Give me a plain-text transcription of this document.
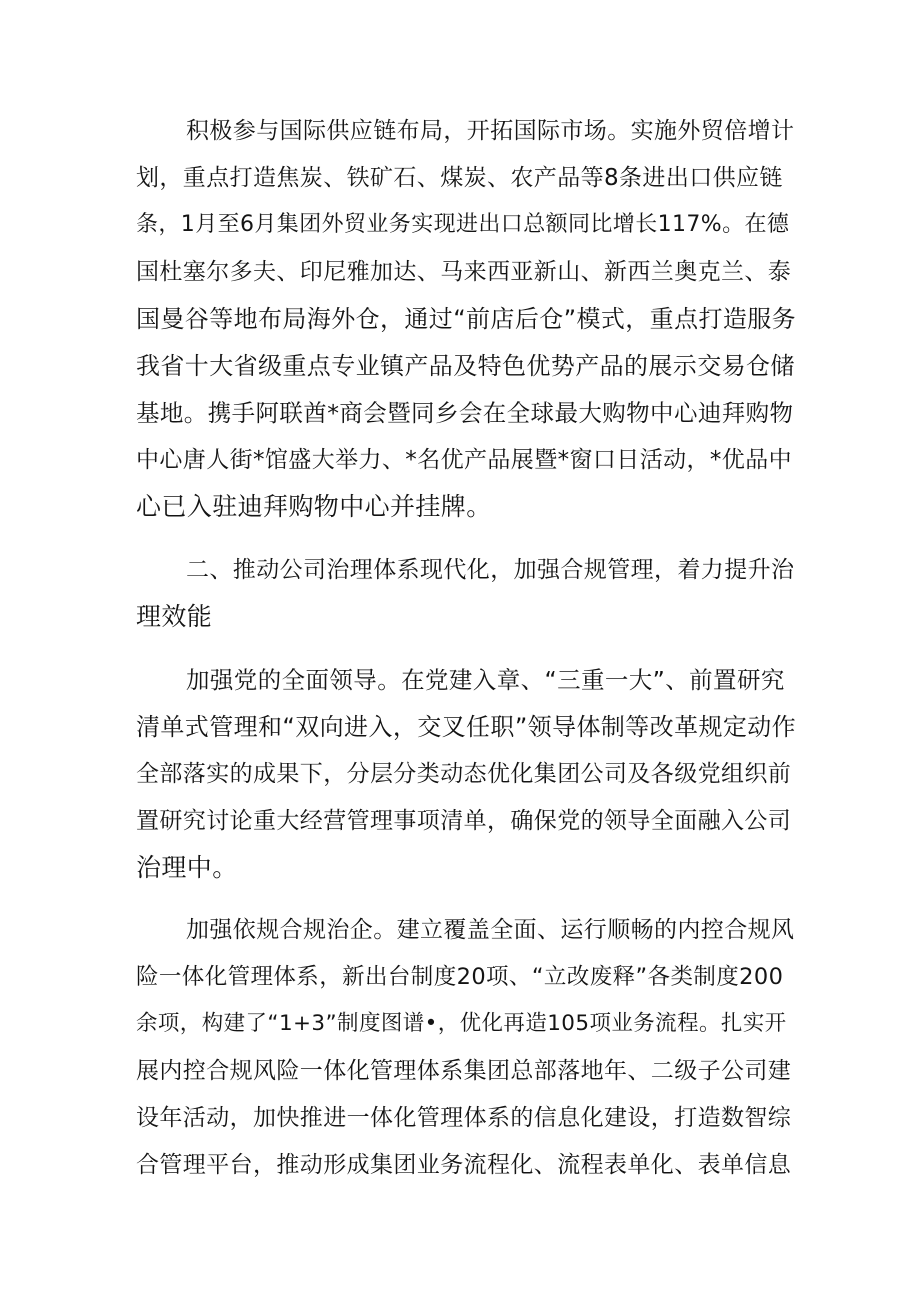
积极参与国际供应链布局，开拓国际市场。实施外贸倍增计
划，重点打造焦炭、铁矿石、煤炭、农产品等8条进出口供应链
条，1月至6月集团外贸业务实现进出口总额同比增长117%。在德
国杜塞尔多夫、印尼雅加达、马来西亚新山、新西兰奥克兰、泰
国曼谷等地布局海外仓，通过“前店后仓”模式，重点打造服务
我省十大省级重点专业镇产品及特色优势产品的展示交易仓储
基地。携手阿联酋*商会暨同乡会在全球最大购物中心迪拜购物
中心唐人街*馆盛大举力、*名优产品展暨*窗口日活动，*优品中
心已入驻迪拜购物中心并挂牌。
二、推动公司治理体系现代化，加强合规管理，着力提升治
理效能
加强党的全面领导。在党建入章、“三重一大”、前置研究
清单式管理和“双向进入，交叉任职”领导体制等改革规定动作
全部落实的成果下，分层分类动态优化集团公司及各级党组织前
置研究讨论重大经营管理事项清单，确保党的领导全面融入公司
治理中。
加强依规合规治企。建立覆盖全面、运行顺畅的内控合规风
险一体化管理体系，新出台制度20项、“立改废释”各类制度200
余项，构建了“1+3”制度图谱•，优化再造105项业务流程。扎实开
展内控合规风险一体化管理体系集团总部落地年、二级子公司建
设年活动，加快推进一体化管理体系的信息化建设，打造数智综
合管理平台，推动形成集团业务流程化、流程表单化、表单信息
